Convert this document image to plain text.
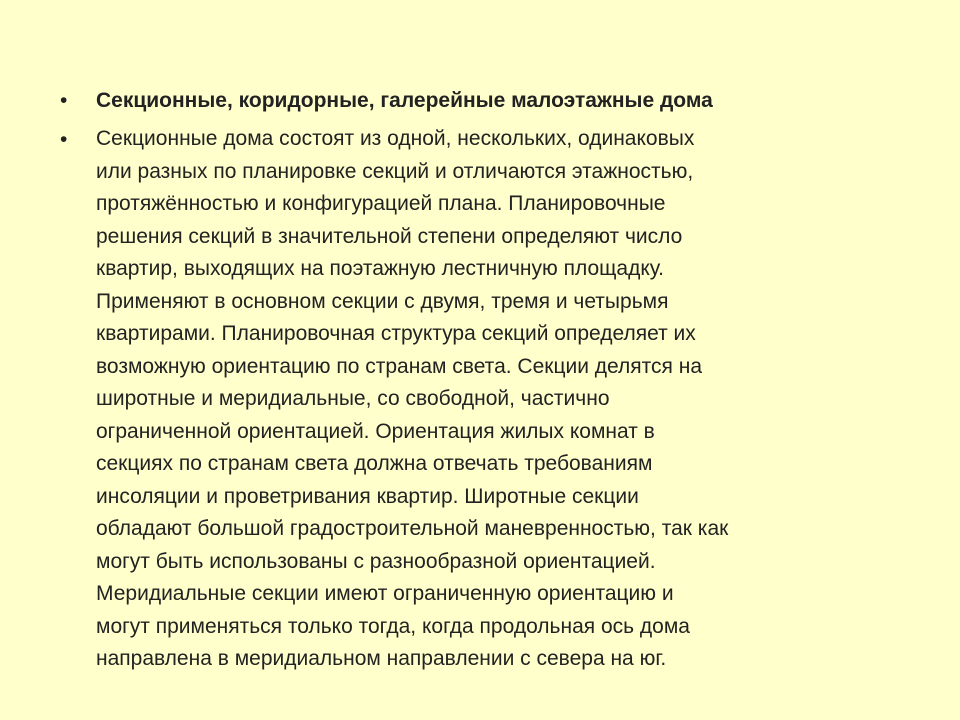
• Секционные, коридорные, галерейные малоэтажные дома
• Секционные дома состоят из одной, нескольких, одинаковых
или разных по планировке секций и отличаются этажностью,
протяжённостью и конфигурацией плана. Планировочные
решения секций в значительной степени определяют число
квартир, выходящих на поэтажную лестничную площадку.
Применяют в основном секции с двумя, тремя и четырьмя
квартирами. Планировочная структура секций определяет их
возможную ориентацию по странам света. Секции делятся на
широтные и меридиальные, со свободной, частично
ограниченной ориентацией. Ориентация жилых комнат в
секциях по странам света должна отвечать требованиям
инсоляции и проветривания квартир. Широтные секции
обладают большой градостроительной маневренностью, так как
могут быть использованы с разнообразной ориентацией.
Меридиальные секции имеют ограниченную ориентацию и
могут применяться только тогда, когда продольная ось дома
направлена в меридиальном направлении с севера на юг.
